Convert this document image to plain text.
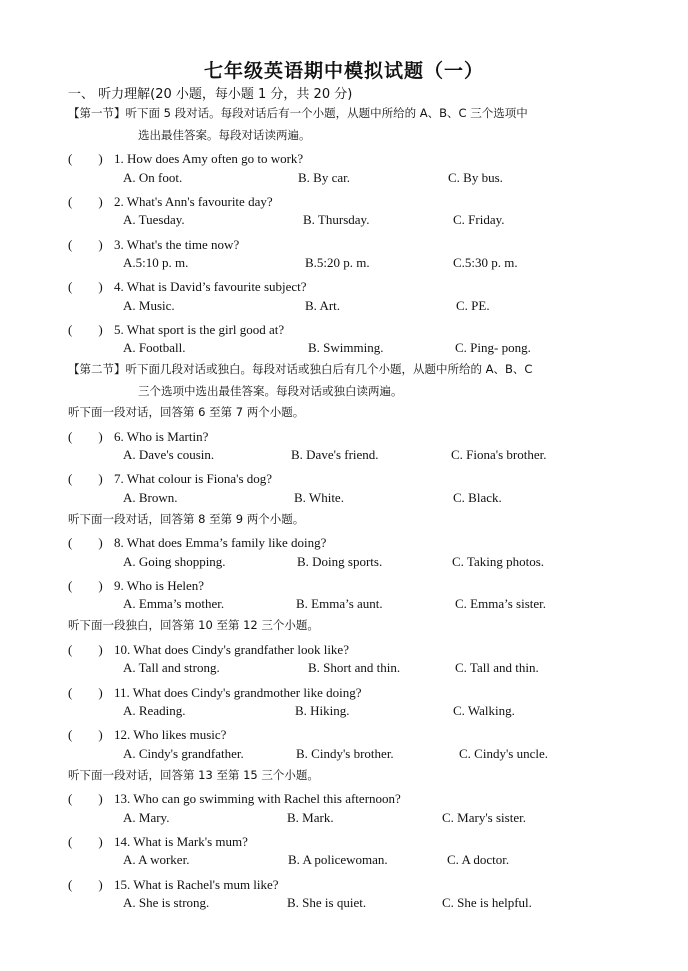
七年级英语期中模拟试题（一）
一、 听力理解(20 小题，每小题 1 分，共 20 分)
【第一节】听下面 5 段对话。每段对话后有一个小题，从题中所给的 A、B、C 三个选项中
选出最佳答案。每段对话读两遍。
(　　) 1. How does Amy often go to work?
A. On foot.	B. By car.	C. By bus.
(　　) 2. What's Ann's favourite day?
A. Tuesday.	B. Thursday.	C. Friday.
(　　) 3. What's the time now?
A.5:10 p. m.	B.5:20 p. m.	C.5:30 p. m.
(　　) 4. What is David’s favourite subject?
A. Music.	B. Art.	C. PE.
(　　) 5. What sport is the girl good at?
A. Football.	B. Swimming.	C. Ping- pong.
【第二节】听下面几段对话或独白。每段对话或独白后有几个小题，从题中所给的 A、B、C
三个选项中选出最佳答案。每段对话或独白读两遍。
听下面一段对话，回答第 6 至第 7 两个小题。
(　　) 6. Who is Martin?
A. Dave's cousin.	B. Dave's friend.	C. Fiona's brother.
(　　) 7. What colour is Fiona's dog?
A. Brown.	B. White.	C. Black.
听下面一段对话，回答第 8 至第 9 两个小题。
(　　) 8. What does Emma’s family like doing?
A. Going shopping.	B. Doing sports.	C. Taking photos.
(　　) 9. Who is Helen?
A. Emma’s mother.	B. Emma’s aunt.	C. Emma’s sister.
听下面一段独白，回答第 10 至第 12 三个小题。
(　　) 10. What does Cindy's grandfather look like?
A. Tall and strong.	B. Short and thin.	C. Tall and thin.
(　　) 11. What does Cindy's grandmother like doing?
A. Reading.	B. Hiking.	C. Walking.
(　　) 12. Who likes music?
A. Cindy's grandfather.	B. Cindy's brother.	C. Cindy's uncle.
听下面一段对话，回答第 13 至第 15 三个小题。
(　　) 13. Who can go swimming with Rachel this afternoon?
A. Mary.	B. Mark.	C. Mary's sister.
(　　) 14. What is Mark's mum?
A. A worker.	B. A policewoman.	C. A doctor.
(　　) 15. What is Rachel's mum like?
A. She is strong.	B. She is quiet.	C. She is helpful.
